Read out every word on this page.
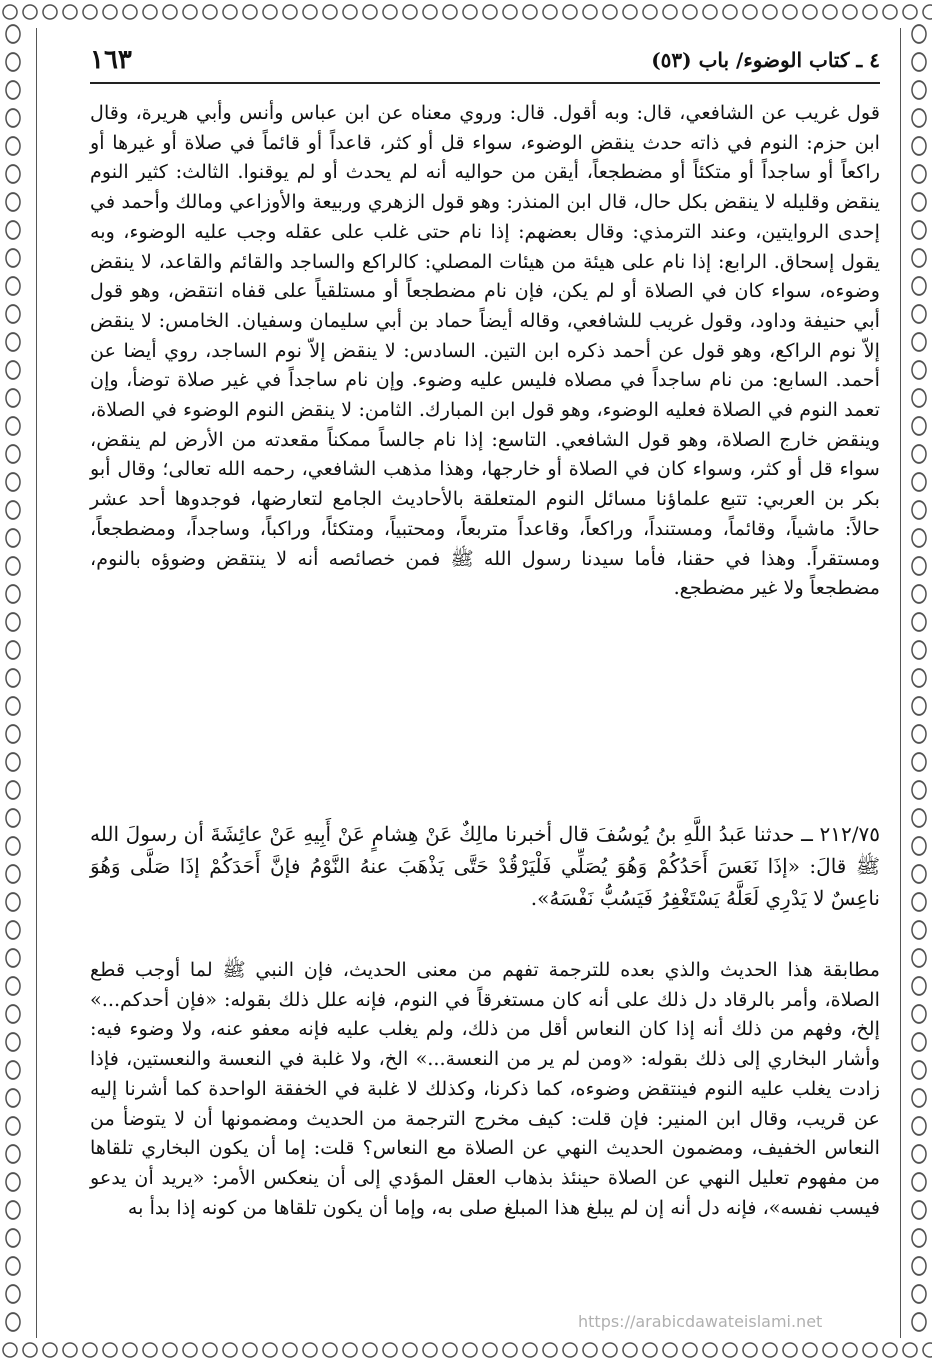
٤ ـ كتاب الوضوء/ باب (٥٣)
١٦٣

قول غريب عن الشافعي، قال: وبه أقول. قال: وروي معناه عن ابن عباس وأنس وأبي هريرة، وقال ابن حزم: النوم في ذاته حدث ينقض الوضوء، سواء قل أو كثر، قاعداً أو قائماً في صلاة أو غيرها أو راكعاً أو ساجداً أو متكئاً أو مضطجعاً، أيقن من حواليه أنه لم يحدث أو لم يوقنوا. الثالث: كثير النوم ينقض وقليله لا ينقض بكل حال، قال ابن المنذر: وهو قول الزهري وربيعة والأوزاعي ومالك وأحمد في إحدى الروايتين، وعند الترمذي: وقال بعضهم: إذا نام حتى غلب على عقله وجب عليه الوضوء، وبه يقول إسحاق. الرابع: إذا نام على هيئة من هيئات المصلي: كالراكع والساجد والقائم والقاعد، لا ينقض وضوءه، سواء كان في الصلاة أو لم يكن، فإن نام مضطجعاً أو مستلقياً على قفاه انتقض، وهو قول أبي حنيفة وداود، وقول غريب للشافعي، وقاله أيضاً حماد بن أبي سليمان وسفيان. الخامس: لا ينقض إلاّ نوم الراكع، وهو قول عن أحمد ذكره ابن التين. السادس: لا ينقض إلاّ نوم الساجد، روي أيضا عن أحمد. السابع: من نام ساجداً في مصلاه فليس عليه وضوء. وإن نام ساجداً في غير صلاة توضأ، وإن تعمد النوم في الصلاة فعليه الوضوء، وهو قول ابن المبارك. الثامن: لا ينقض النوم الوضوء في الصلاة، وينقض خارج الصلاة، وهو قول الشافعي. التاسع: إذا نام جالساً ممكناً مقعدته من الأرض لم ينقض، سواء قل أو كثر، وسواء كان في الصلاة أو خارجها، وهذا مذهب الشافعي، رحمه الله تعالى؛ وقال أبو بكر بن العربي: تتبع علماؤنا مسائل النوم المتعلقة بالأحاديث الجامع لتعارضها، فوجدوها أحد عشر حالاً: ماشياً، وقائماً، ومستنداً، وراكعاً، وقاعداً متربعاً، ومحتبياً، ومتكئاً، وراكباً، وساجداً، ومضطجعاً، ومستقراً. وهذا في حقنا، فأما سيدنا رسول الله ﷺ فمن خصائصه أنه لا ينتقض وضوؤه بالنوم، مضطجعاً ولا غير مضطجع.

٢١٢/٧٥ ــ حدثنا عَبدُ اللَّهِ بنُ يُوسُفَ قال أخبرنا مالِكٌ عَنْ هِشامٍ عَنْ أَبِيهِ عَنْ عائِشَةَ أن رسولَ الله ﷺ قالَ: «إذَا نَعَسَ أَحَدُكُمْ وَهُوَ يُصَلِّي فَلْيَرْقُدْ حَتَّى يَذْهَبَ عنهُ النَّوْمُ فإنَّ أَحَدَكُمْ إذَا صَلَّى وَهُوَ ناعِسٌ لا يَدْرِي لَعَلَّهُ يَسْتَغْفِرُ فَيَسُبُّ نَفْسَهُ».

مطابقة هذا الحديث والذي بعده للترجمة تفهم من معنى الحديث، فإن النبي ﷺ لما أوجب قطع الصلاة، وأمر بالرقاد دل ذلك على أنه كان مستغرقاً في النوم، فإنه علل ذلك بقوله: «فإن أحدكم...» إلخ، وفهم من ذلك أنه إذا كان النعاس أقل من ذلك، ولم يغلب عليه فإنه معفو عنه، ولا وضوء فيه: وأشار البخاري إلى ذلك بقوله: «ومن لم ير من النعسة...» الخ، ولا غلبة في النعسة والنعستين، فإذا زادت يغلب عليه النوم فينتقض وضوءه، كما ذكرنا، وكذلك لا غلبة في الخفقة الواحدة كما أشرنا إليه عن قريب، وقال ابن المنير: فإن قلت: كيف مخرج الترجمة من الحديث ومضمونها أن لا يتوضأ من النعاس الخفيف، ومضمون الحديث النهي عن الصلاة مع النعاس؟ قلت: إما أن يكون البخاري تلقاها من مفهوم تعليل النهي عن الصلاة حينئذ بذهاب العقل المؤدي إلى أن ينعكس الأمر: «يريد أن يدعو فيسب نفسه»، فإنه دل أنه إن لم يبلغ هذا المبلغ صلى به، وإما أن يكون تلقاها من كونه إذا بدأ به

https://arabicdawateislami.net
